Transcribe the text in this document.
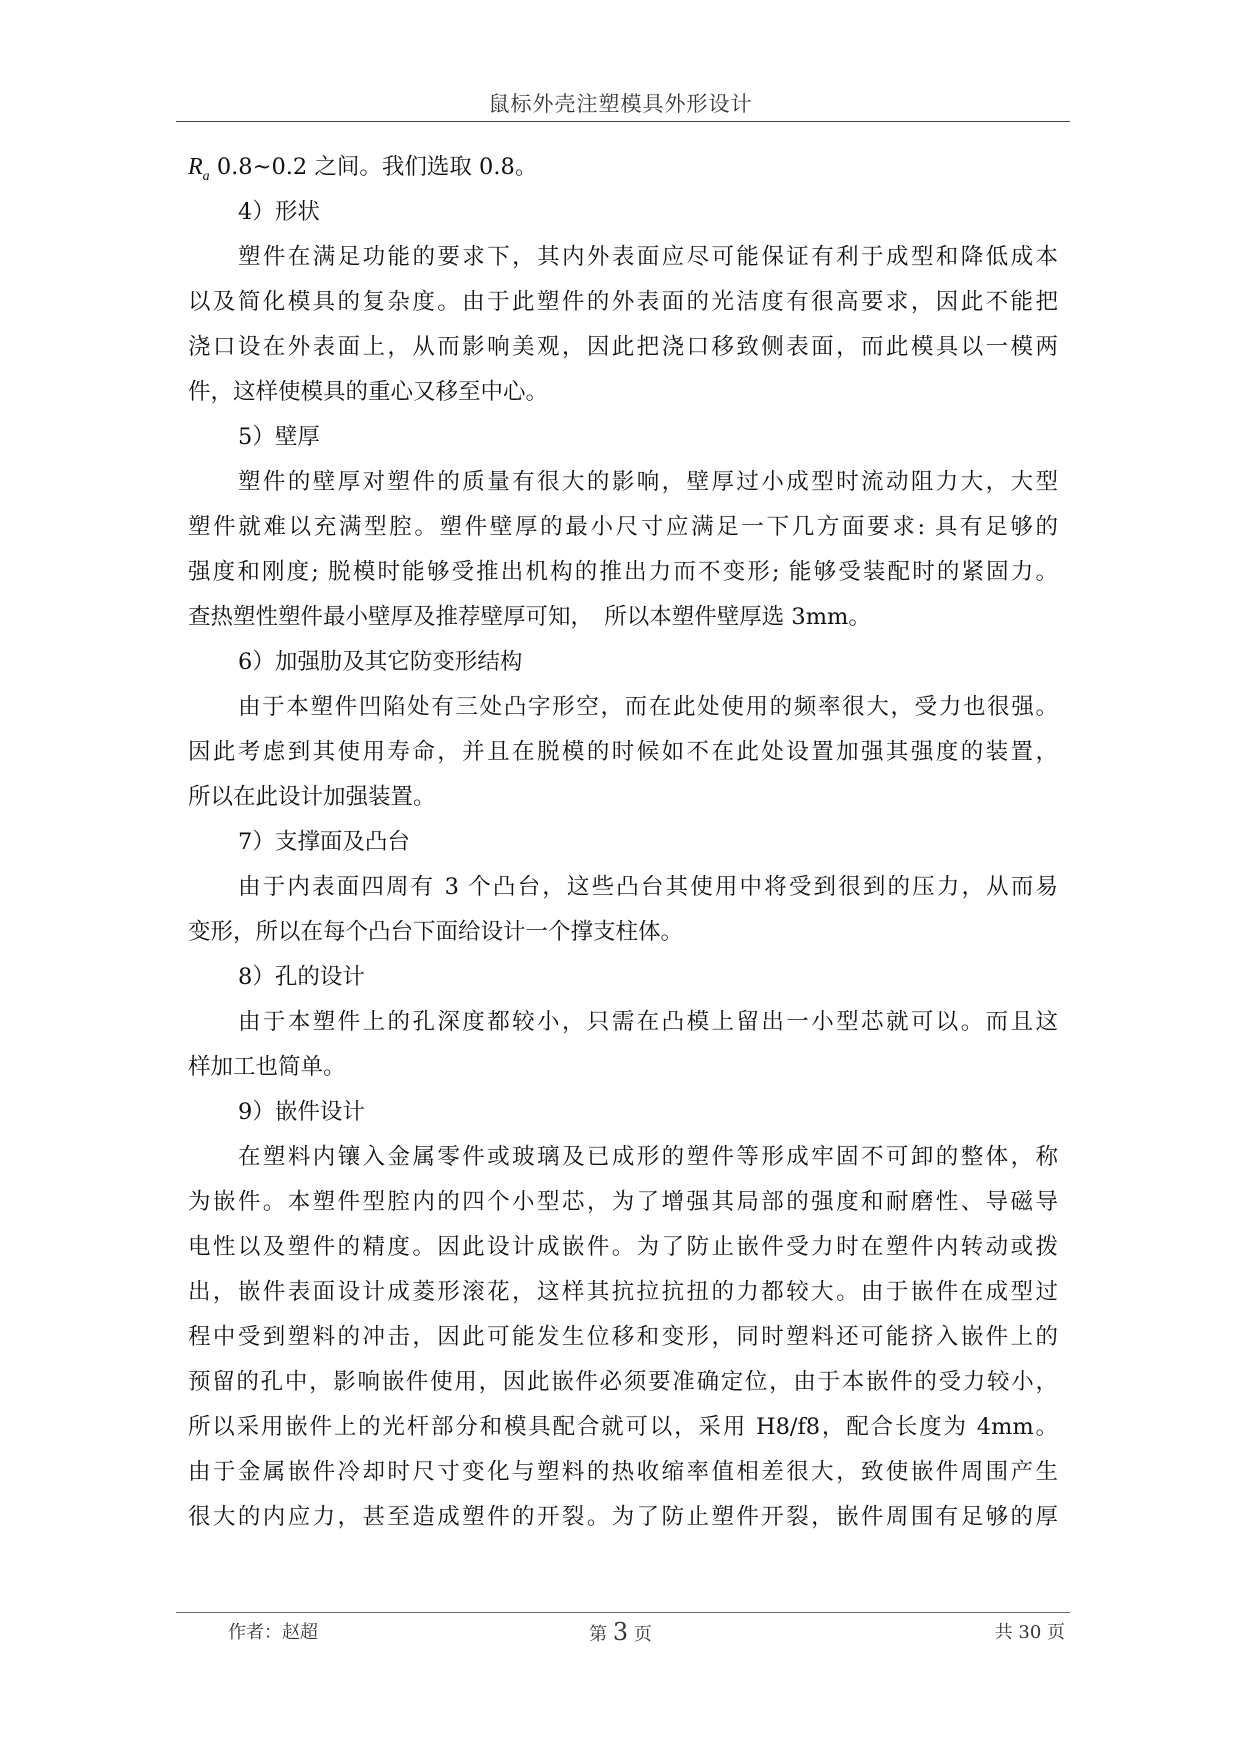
鼠标外壳注塑模具外形设计
$R_a$ 0.8~0.2 之间。我们选取 0.8。
4）形状
塑件在满足功能的要求下，其内外表面应尽可能保证有利于成型和降低成本
以及简化模具的复杂度。由于此塑件的外表面的光洁度有很高要求，因此不能把
浇口设在外表面上，从而影响美观，因此把浇口移致侧表面，而此模具以一模两
件，这样使模具的重心又移至中心。
5）壁厚
塑件的壁厚对塑件的质量有很大的影响，壁厚过小成型时流动阻力大，大型
塑件就难以充满型腔。塑件壁厚的最小尺寸应满足一下几方面要求: 具有足够的
强度和刚度; 脱模时能够受推出机构的推出力而不变形; 能够受装配时的紧固力。
查热塑性塑件最小壁厚及推荐壁厚可知，　所以本塑件壁厚选 3mm。
6）加强肋及其它防变形结构
由于本塑件凹陷处有三处凸字形空，而在此处使用的频率很大，受力也很强。
因此考虑到其使用寿命，并且在脱模的时候如不在此处设置加强其强度的装置，
所以在此设计加强装置。
7）支撑面及凸台
由于内表面四周有 3 个凸台，这些凸台其使用中将受到很到的压力，从而易
变形，所以在每个凸台下面给设计一个撑支柱体。
8）孔的设计
由于本塑件上的孔深度都较小，只需在凸模上留出一小型芯就可以。而且这
样加工也简单。
9）嵌件设计
在塑料内镶入金属零件或玻璃及已成形的塑件等形成牢固不可卸的整体，称
为嵌件。本塑件型腔内的四个小型芯，为了增强其局部的强度和耐磨性、导磁导
电性以及塑件的精度。因此设计成嵌件。为了防止嵌件受力时在塑件内转动或拨
出，嵌件表面设计成菱形滚花，这样其抗拉抗扭的力都较大。由于嵌件在成型过
程中受到塑料的冲击，因此可能发生位移和变形，同时塑料还可能挤入嵌件上的
预留的孔中，影响嵌件使用，因此嵌件必须要准确定位，由于本嵌件的受力较小，
所以采用嵌件上的光杆部分和模具配合就可以，采用 H8/f8，配合长度为 4mm。
由于金属嵌件冷却时尺寸变化与塑料的热收缩率值相差很大，致使嵌件周围产生
很大的内应力，甚至造成塑件的开裂。为了防止塑件开裂，嵌件周围有足够的厚
作者：赵超	第 3 页	共 30 页
